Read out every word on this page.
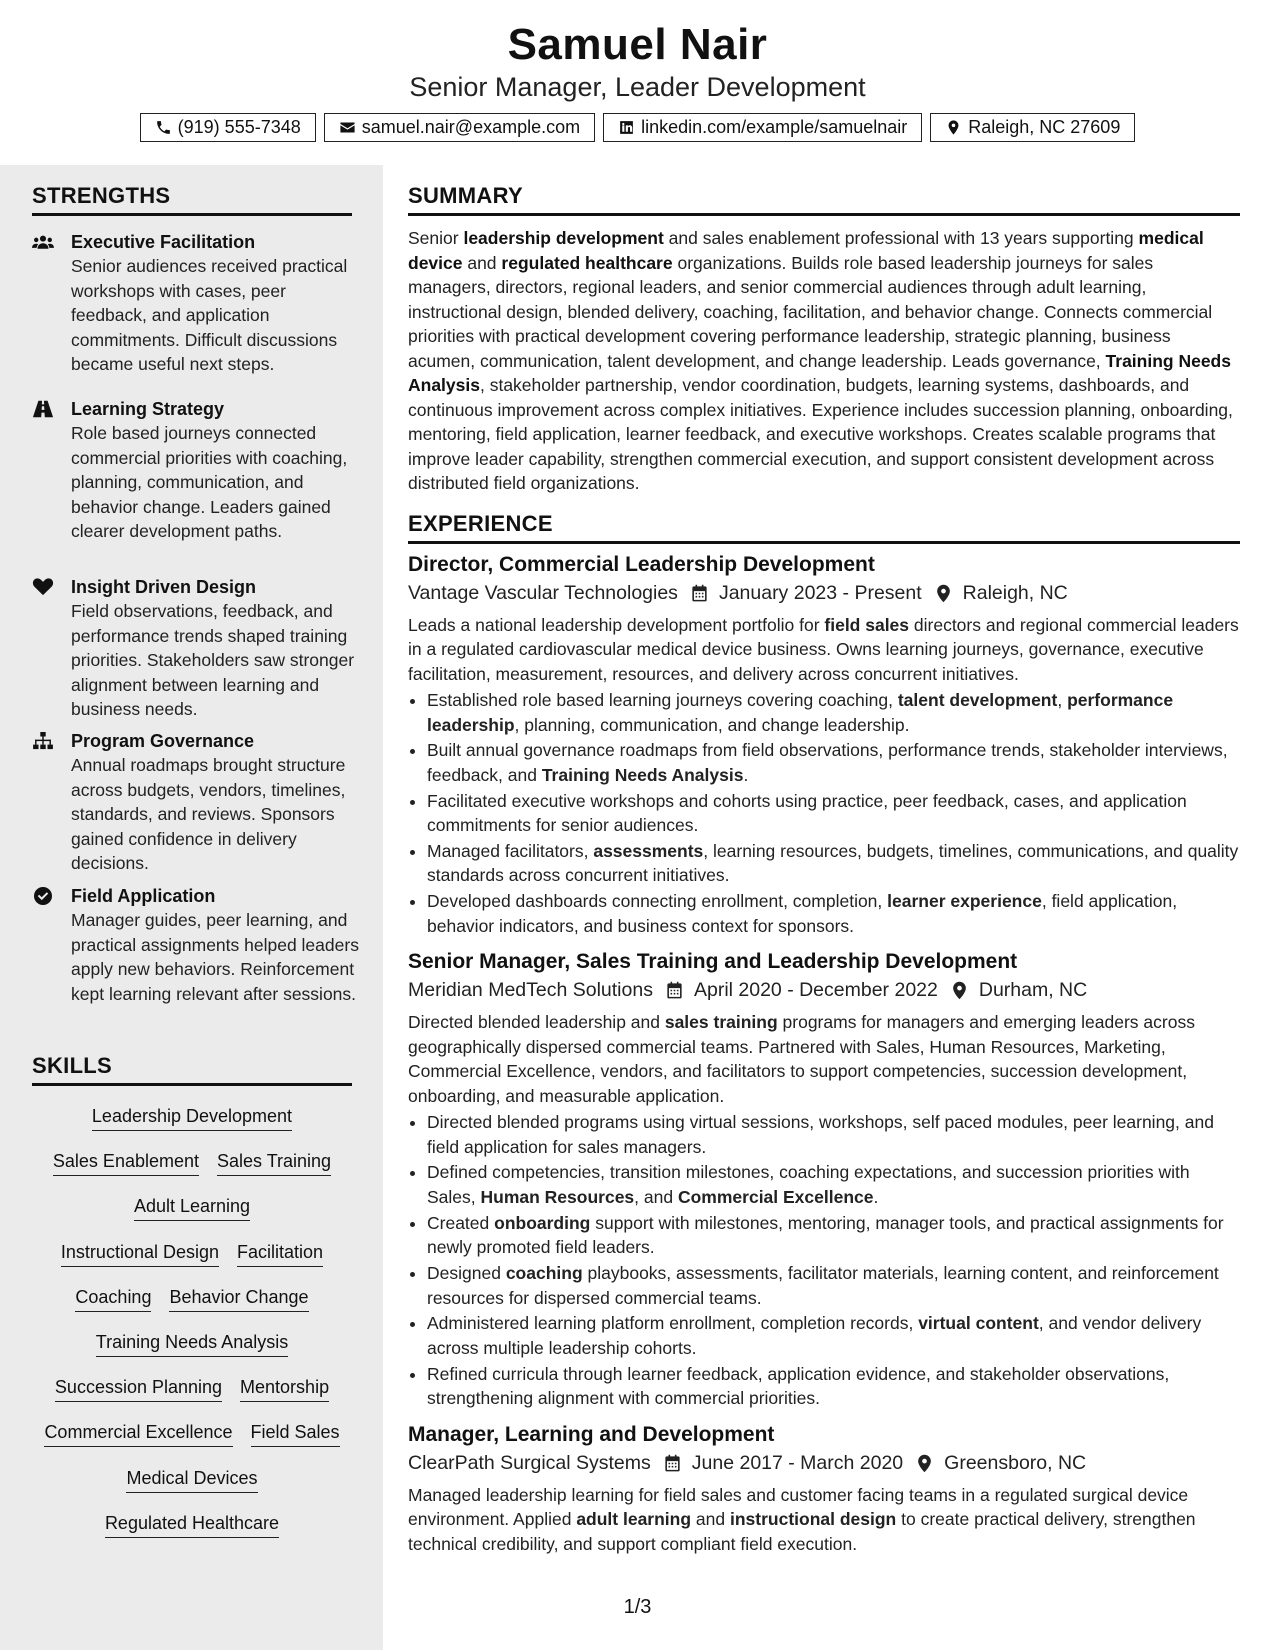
Samuel Nair
Senior Manager, Leader Development
(919) 555-7348	samuel.nair@example.com	linkedin.com/example/samuelnair	Raleigh, NC 27609
STRENGTHS
Executive Facilitation
Senior audiences received practical workshops with cases, peer feedback, and application commitments. Difficult discussions became useful next steps.
Learning Strategy
Role based journeys connected commercial priorities with coaching, planning, communication, and behavior change. Leaders gained clearer development paths.
Insight Driven Design
Field observations, feedback, and performance trends shaped training priorities. Stakeholders saw stronger alignment between learning and business needs.
Program Governance
Annual roadmaps brought structure across budgets, vendors, timelines, standards, and reviews. Sponsors gained confidence in delivery decisions.
Field Application
Manager guides, peer learning, and practical assignments helped leaders apply new behaviors. Reinforcement kept learning relevant after sessions.
SKILLS
Leadership Development
Sales Enablement Sales Training
Adult Learning
Instructional Design Facilitation
Coaching Behavior Change
Training Needs Analysis
Succession Planning Mentorship
Commercial Excellence Field Sales
Medical Devices
Regulated Healthcare
SUMMARY
Senior leadership development and sales enablement professional with 13 years supporting medical device and regulated healthcare organizations. Builds role based leadership journeys for sales managers, directors, regional leaders, and senior commercial audiences through adult learning, instructional design, blended delivery, coaching, facilitation, and behavior change. Connects commercial priorities with practical development covering performance leadership, strategic planning, business acumen, communication, talent development, and change leadership. Leads governance, Training Needs Analysis, stakeholder partnership, vendor coordination, budgets, learning systems, dashboards, and continuous improvement across complex initiatives. Experience includes succession planning, onboarding, mentoring, field application, learner feedback, and executive workshops. Creates scalable programs that improve leader capability, strengthen commercial execution, and support consistent development across distributed field organizations.
EXPERIENCE
Director, Commercial Leadership Development
Vantage Vascular Technologies January 2023 - Present Raleigh, NC
Leads a national leadership development portfolio for field sales directors and regional commercial leaders in a regulated cardiovascular medical device business. Owns learning journeys, governance, executive facilitation, measurement, resources, and delivery across concurrent initiatives.
• Established role based learning journeys covering coaching, talent development, performance leadership, planning, communication, and change leadership.
• Built annual governance roadmaps from field observations, performance trends, stakeholder interviews, feedback, and Training Needs Analysis.
• Facilitated executive workshops and cohorts using practice, peer feedback, cases, and application commitments for senior audiences.
• Managed facilitators, assessments, learning resources, budgets, timelines, communications, and quality standards across concurrent initiatives.
• Developed dashboards connecting enrollment, completion, learner experience, field application, behavior indicators, and business context for sponsors.
Senior Manager, Sales Training and Leadership Development
Meridian MedTech Solutions April 2020 - December 2022 Durham, NC
Directed blended leadership and sales training programs for managers and emerging leaders across geographically dispersed commercial teams. Partnered with Sales, Human Resources, Marketing, Commercial Excellence, vendors, and facilitators to support competencies, succession development, onboarding, and measurable application.
• Directed blended programs using virtual sessions, workshops, self paced modules, peer learning, and field application for sales managers.
• Defined competencies, transition milestones, coaching expectations, and succession priorities with Sales, Human Resources, and Commercial Excellence.
• Created onboarding support with milestones, mentoring, manager tools, and practical assignments for newly promoted field leaders.
• Designed coaching playbooks, assessments, facilitator materials, learning content, and reinforcement resources for dispersed commercial teams.
• Administered learning platform enrollment, completion records, virtual content, and vendor delivery across multiple leadership cohorts.
• Refined curricula through learner feedback, application evidence, and stakeholder observations, strengthening alignment with commercial priorities.
Manager, Learning and Development
ClearPath Surgical Systems June 2017 - March 2020 Greensboro, NC
Managed leadership learning for field sales and customer facing teams in a regulated surgical device environment. Applied adult learning and instructional design to create practical delivery, strengthen technical credibility, and support compliant field execution.
1/3
